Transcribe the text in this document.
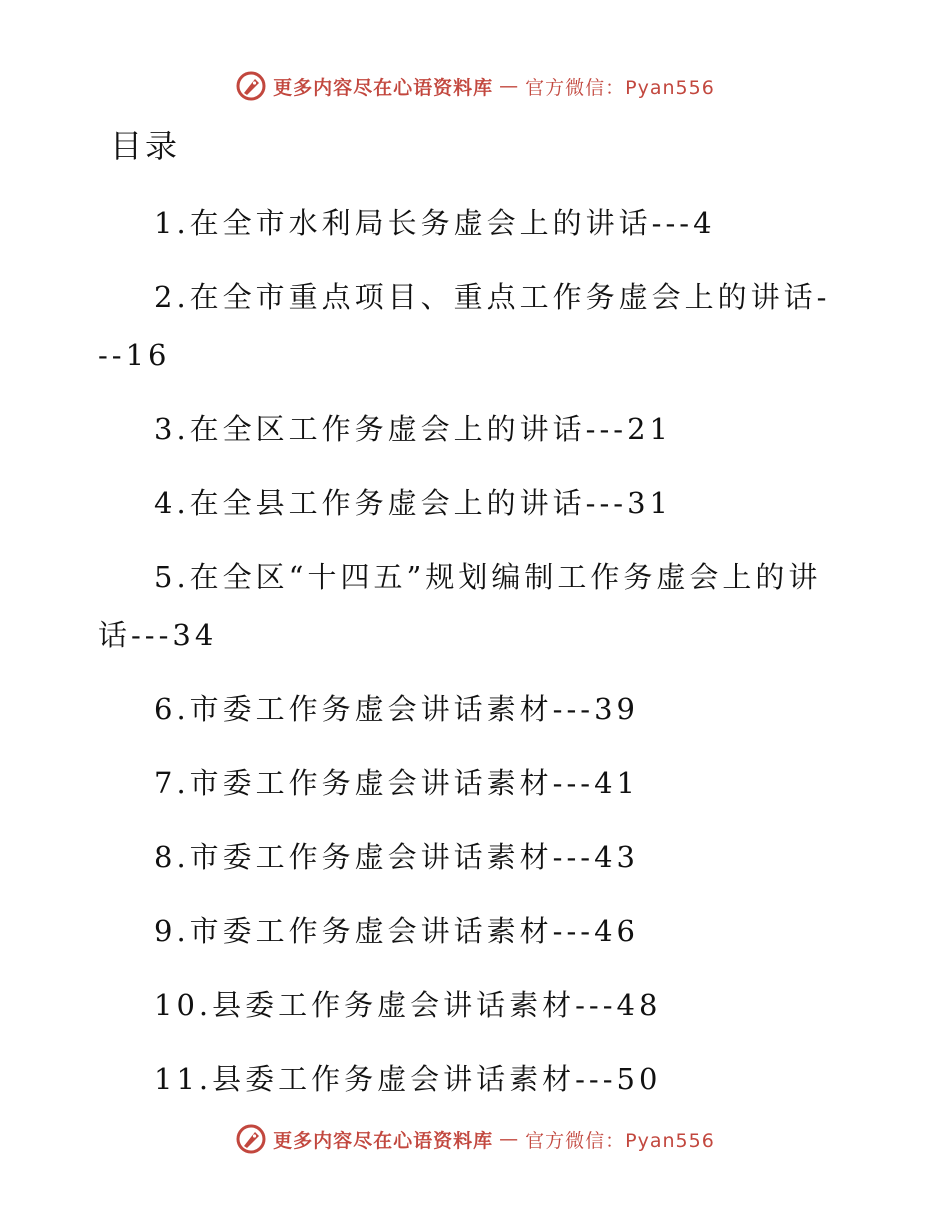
更多内容尽在心语资料库 — 官方微信：Pyan556
目录
1.在全市水利局长务虚会上的讲话---4
2.在全市重点项目、重点工作务虚会上的讲话---16
3.在全区工作务虚会上的讲话---21
4.在全县工作务虚会上的讲话---31
5.在全区“十四五”规划编制工作务虚会上的讲话---34
6.市委工作务虚会讲话素材---39
7.市委工作务虚会讲话素材---41
8.市委工作务虚会讲话素材---43
9.市委工作务虚会讲话素材---46
10.县委工作务虚会讲话素材---48
11.县委工作务虚会讲话素材---50
更多内容尽在心语资料库 — 官方微信：Pyan556
